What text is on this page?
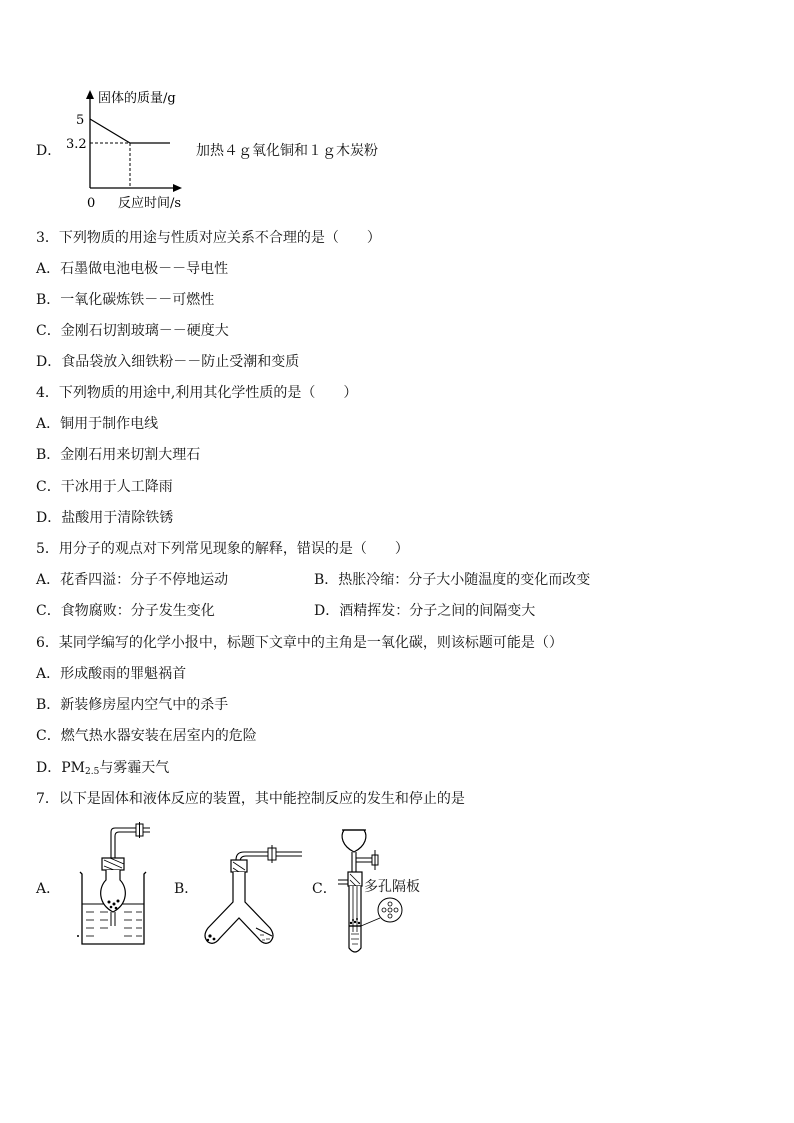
D．
固体的质量/g
5
3.2
0 反应时间/s
加热４ｇ氧化铜和１ｇ木炭粉
3．下列物质的用途与性质对应关系不合理的是（　　）
A．石墨做电池电极－－导电性
B．一氧化碳炼铁－－可燃性
C．金刚石切割玻璃－－硬度大
D．食品袋放入细铁粉－－防止受潮和变质
4．下列物质的用途中,利用其化学性质的是（　　）
A．铜用于制作电线
B．金刚石用来切割大理石
C．干冰用于人工降雨
D．盐酸用于清除铁锈
5．用分子的观点对下列常见现象的解释，错误的是（　　）
A．花香四溢：分子不停地运动	B．热胀冷缩：分子大小随温度的变化而改变
C．食物腐败：分子发生变化	D．酒精挥发：分子之间的间隔变大
6．某同学编写的化学小报中，标题下文章中的主角是一氧化碳，则该标题可能是（）
A．形成酸雨的罪魁祸首
B．新装修房屋内空气中的杀手
C．燃气热水器安装在居室内的危险
D．$PM_{2.5}$与雾霾天气
7．以下是固体和液体反应的装置，其中能控制反应的发生和停止的是
A．	B．	C． 多孔隔板
